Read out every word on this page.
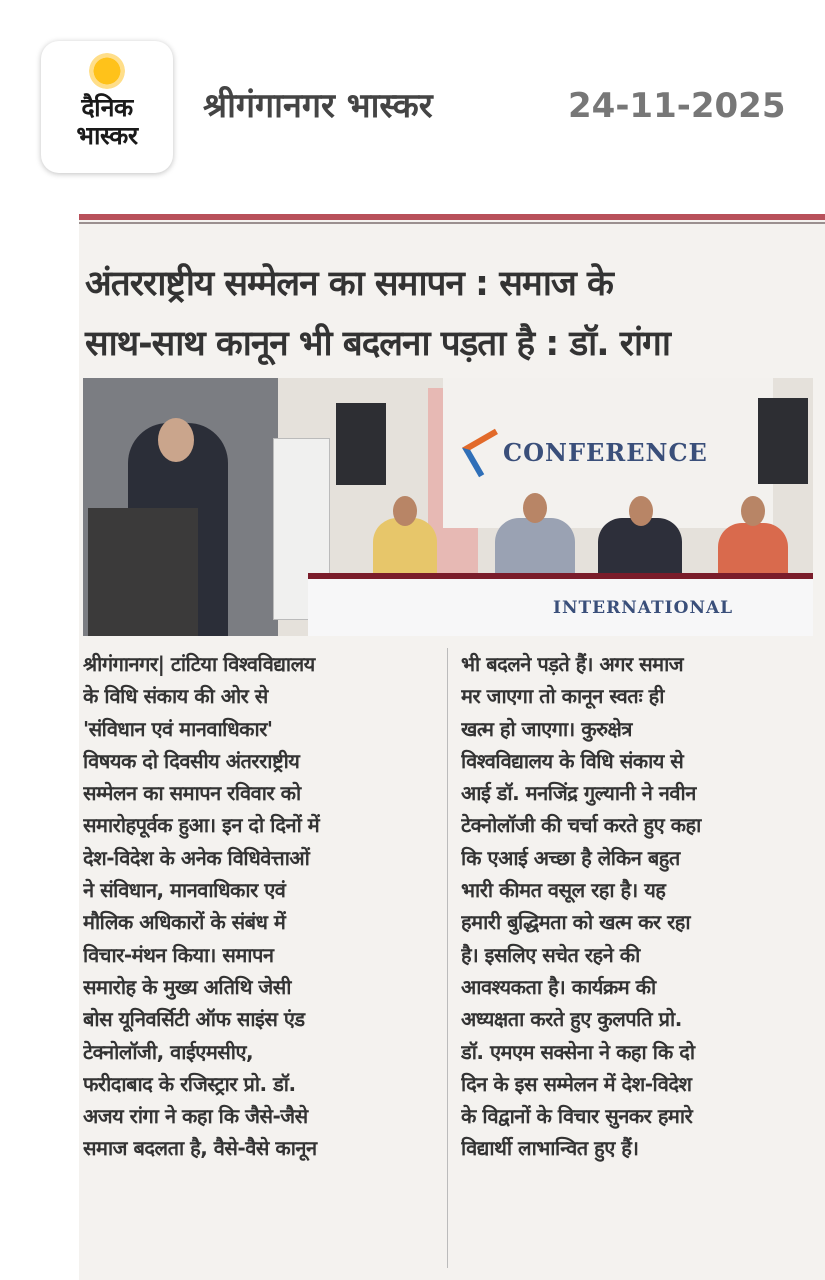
दैनिक
भास्कर
श्रीगंगानगर भास्कर	24-11-2025
अंतरराष्ट्रीय सम्मेलन का समापन : समाज के
साथ-साथ कानून भी बदलना पड़ता है : डॉ. रांगा
CONFERENCE
INTERNATIONAL
श्रीगंगानगर| टांटिया विश्वविद्यालय
के विधि संकाय की ओर से
'संविधान एवं मानवाधिकार'
विषयक दो दिवसीय अंतरराष्ट्रीय
सम्मेलन का समापन रविवार को
समारोहपूर्वक हुआ। इन दो दिनों में
देश-विदेश के अनेक विधिवेत्ताओं
ने संविधान, मानवाधिकार एवं
मौलिक अधिकारों के संबंध में
विचार-मंथन किया। समापन
समारोह के मुख्य अतिथि जेसी
बोस यूनिवर्सिटी ऑफ साइंस एंड
टेक्नोलॉजी, वाईएमसीए,
फरीदाबाद के रजिस्ट्रार प्रो. डॉ.
अजय रांगा ने कहा कि जैसे-जैसे
समाज बदलता है, वैसे-वैसे कानून
भी बदलने पड़ते हैं। अगर समाज
मर जाएगा तो कानून स्वतः ही
खत्म हो जाएगा। कुरुक्षेत्र
विश्वविद्यालय के विधि संकाय से
आई डॉ. मनजिंद्र गुल्यानी ने नवीन
टेक्नोलॉजी की चर्चा करते हुए कहा
कि एआई अच्छा है लेकिन बहुत
भारी कीमत वसूल रहा है। यह
हमारी बुद्धिमता को खत्म कर रहा
है। इसलिए सचेत रहने की
आवश्यकता है। कार्यक्रम की
अध्यक्षता करते हुए कुलपति प्रो.
डॉ. एमएम सक्सेना ने कहा कि दो
दिन के इस सम्मेलन में देश-विदेश
के विद्वानों के विचार सुनकर हमारे
विद्यार्थी लाभान्वित हुए हैं।
